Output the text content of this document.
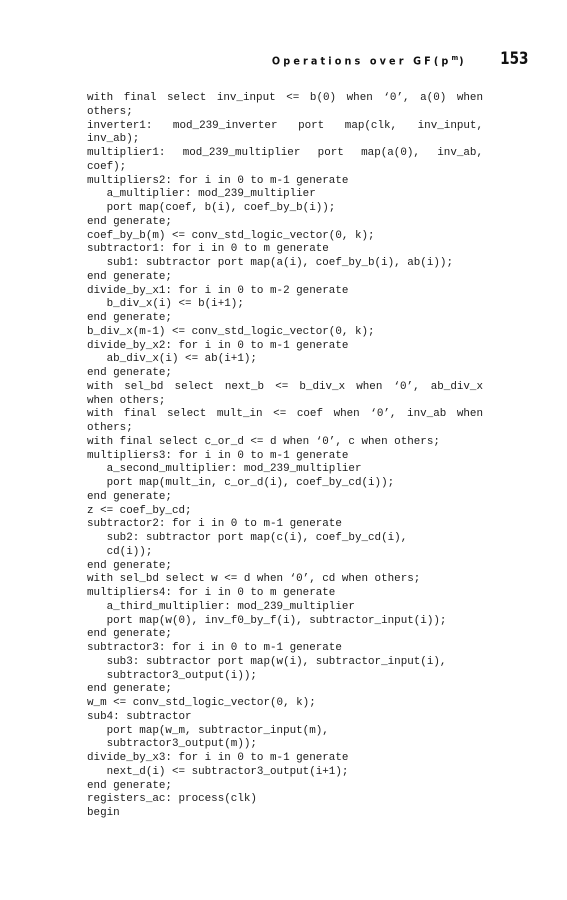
Operations over $GF(p^m)$ 153
with final select inv_input <= b(0) when ‘0’, a(0) when
others;
inverter1: mod_239_inverter port map(clk, inv_input,
inv_ab);
multiplier1: mod_239_multiplier port map(a(0), inv_ab,
coef);
multipliers2: for i in 0 to m-1 generate
a_multiplier: mod_239_multiplier
port map(coef, b(i), coef_by_b(i));
end generate;
coef_by_b(m) <= conv_std_logic_vector(0, k);
subtractor1: for i in 0 to m generate
sub1: subtractor port map(a(i), coef_by_b(i), ab(i));
end generate;
divide_by_x1: for i in 0 to m-2 generate
b_div_x(i) <= b(i+1);
end generate;
b_div_x(m-1) <= conv_std_logic_vector(0, k);
divide_by_x2: for i in 0 to m-1 generate
ab_div_x(i) <= ab(i+1);
end generate;
with sel_bd select next_b <= b_div_x when ‘0’, ab_div_x
when others;
with final select mult_in <= coef when ‘0’, inv_ab when
others;
with final select c_or_d <= d when ‘0’, c when others;
multipliers3: for i in 0 to m-1 generate
a_second_multiplier: mod_239_multiplier
port map(mult_in, c_or_d(i), coef_by_cd(i));
end generate;
z <= coef_by_cd;
subtractor2: for i in 0 to m-1 generate
sub2: subtractor port map(c(i), coef_by_cd(i),
cd(i));
end generate;
with sel_bd select w <= d when ‘0’, cd when others;
multipliers4: for i in 0 to m generate
a_third_multiplier: mod_239_multiplier
port map(w(0), inv_f0_by_f(i), subtractor_input(i));
end generate;
subtractor3: for i in 0 to m-1 generate
sub3: subtractor port map(w(i), subtractor_input(i),
subtractor3_output(i));
end generate;
w_m <= conv_std_logic_vector(0, k);
sub4: subtractor
port map(w_m, subtractor_input(m),
subtractor3_output(m));
divide_by_x3: for i in 0 to m-1 generate
next_d(i) <= subtractor3_output(i+1);
end generate;
registers_ac: process(clk)
begin
